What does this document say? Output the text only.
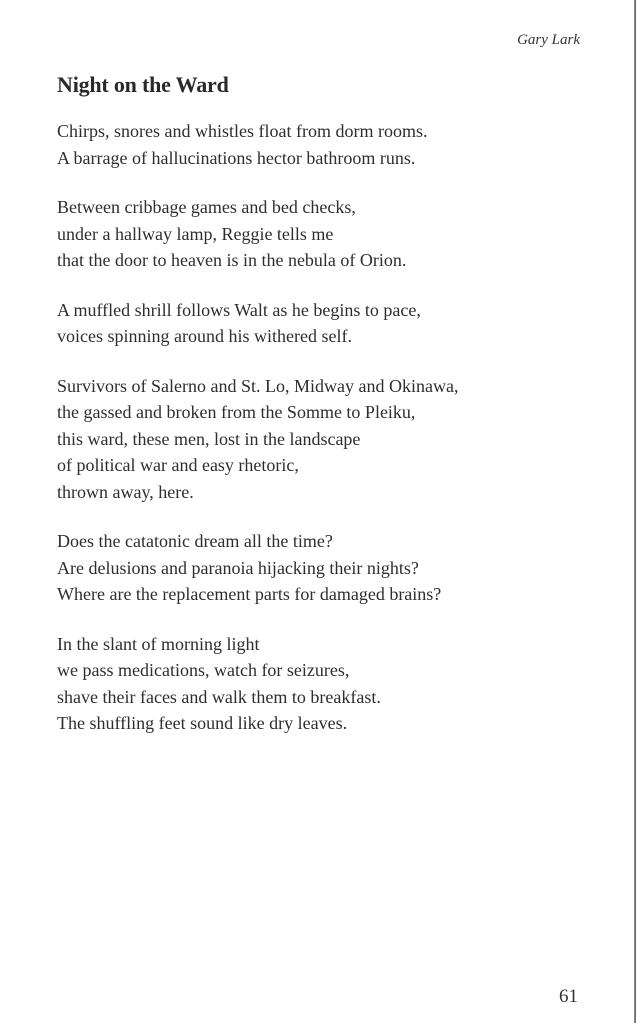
Gary Lark
Night on the Ward
Chirps, snores and whistles float from dorm rooms.
A barrage of hallucinations hector bathroom runs.
Between cribbage games and bed checks,
under a hallway lamp, Reggie tells me
that the door to heaven is in the nebula of Orion.
A muffled shrill follows Walt as he begins to pace,
voices spinning around his withered self.
Survivors of Salerno and St. Lo, Midway and Okinawa,
the gassed and broken from the Somme to Pleiku,
this ward, these men, lost in the landscape
of political war and easy rhetoric,
thrown away, here.
Does the catatonic dream all the time?
Are delusions and paranoia hijacking their nights?
Where are the replacement parts for damaged brains?
In the slant of morning light
we pass medications, watch for seizures,
shave their faces and walk them to breakfast.
The shuffling feet sound like dry leaves.
61
